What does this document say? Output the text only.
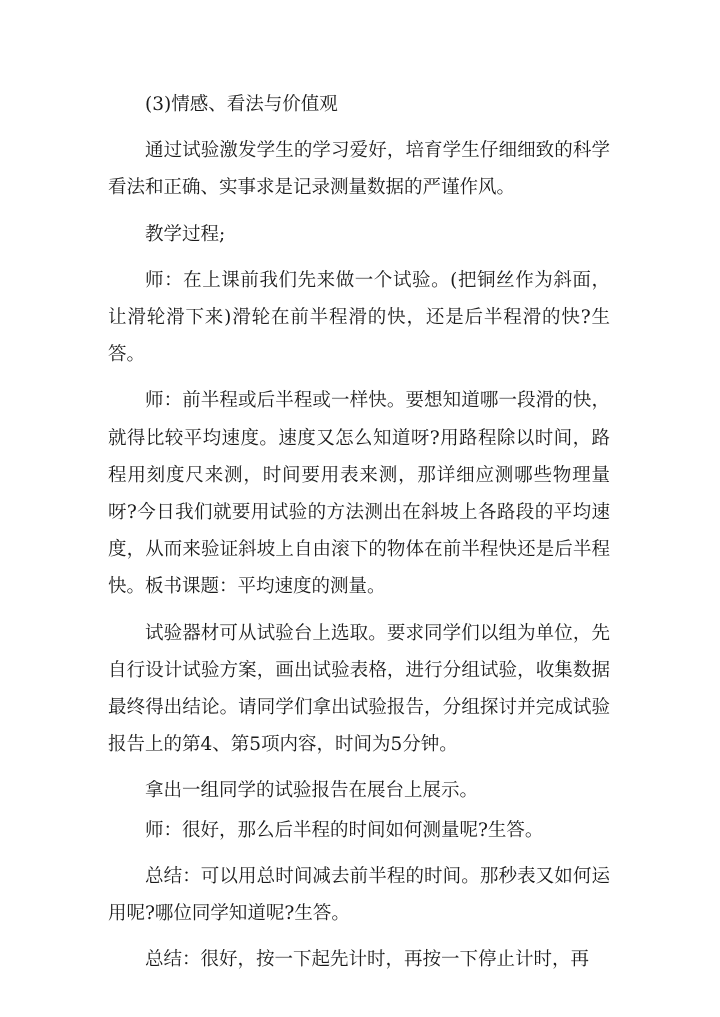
(3)情感、看法与价值观

通过试验激发学生的学习爱好，培育学生仔细细致的科学看法和正确、实事求是记录测量数据的严谨作风。

教学过程;

师：在上课前我们先来做一个试验。(把铜丝作为斜面，让滑轮滑下来)滑轮在前半程滑的快，还是后半程滑的快?生答。

师：前半程或后半程或一样快。要想知道哪一段滑的快，就得比较平均速度。速度又怎么知道呀?用路程除以时间，路程用刻度尺来测，时间要用表来测，那详细应测哪些物理量呀?今日我们就要用试验的方法测出在斜坡上各路段的平均速度，从而来验证斜坡上自由滚下的物体在前半程快还是后半程快。板书课题：平均速度的测量。

试验器材可从试验台上选取。要求同学们以组为单位，先自行设计试验方案，画出试验表格，进行分组试验，收集数据最终得出结论。请同学们拿出试验报告，分组探讨并完成试验报告上的第4、第5项内容，时间为5分钟。

拿出一组同学的试验报告在展台上展示。

师：很好，那么后半程的时间如何测量呢?生答。

总结：可以用总时间减去前半程的时间。那秒表又如何运用呢?哪位同学知道呢?生答。

总结：很好，按一下起先计时，再按一下停止计时，再
